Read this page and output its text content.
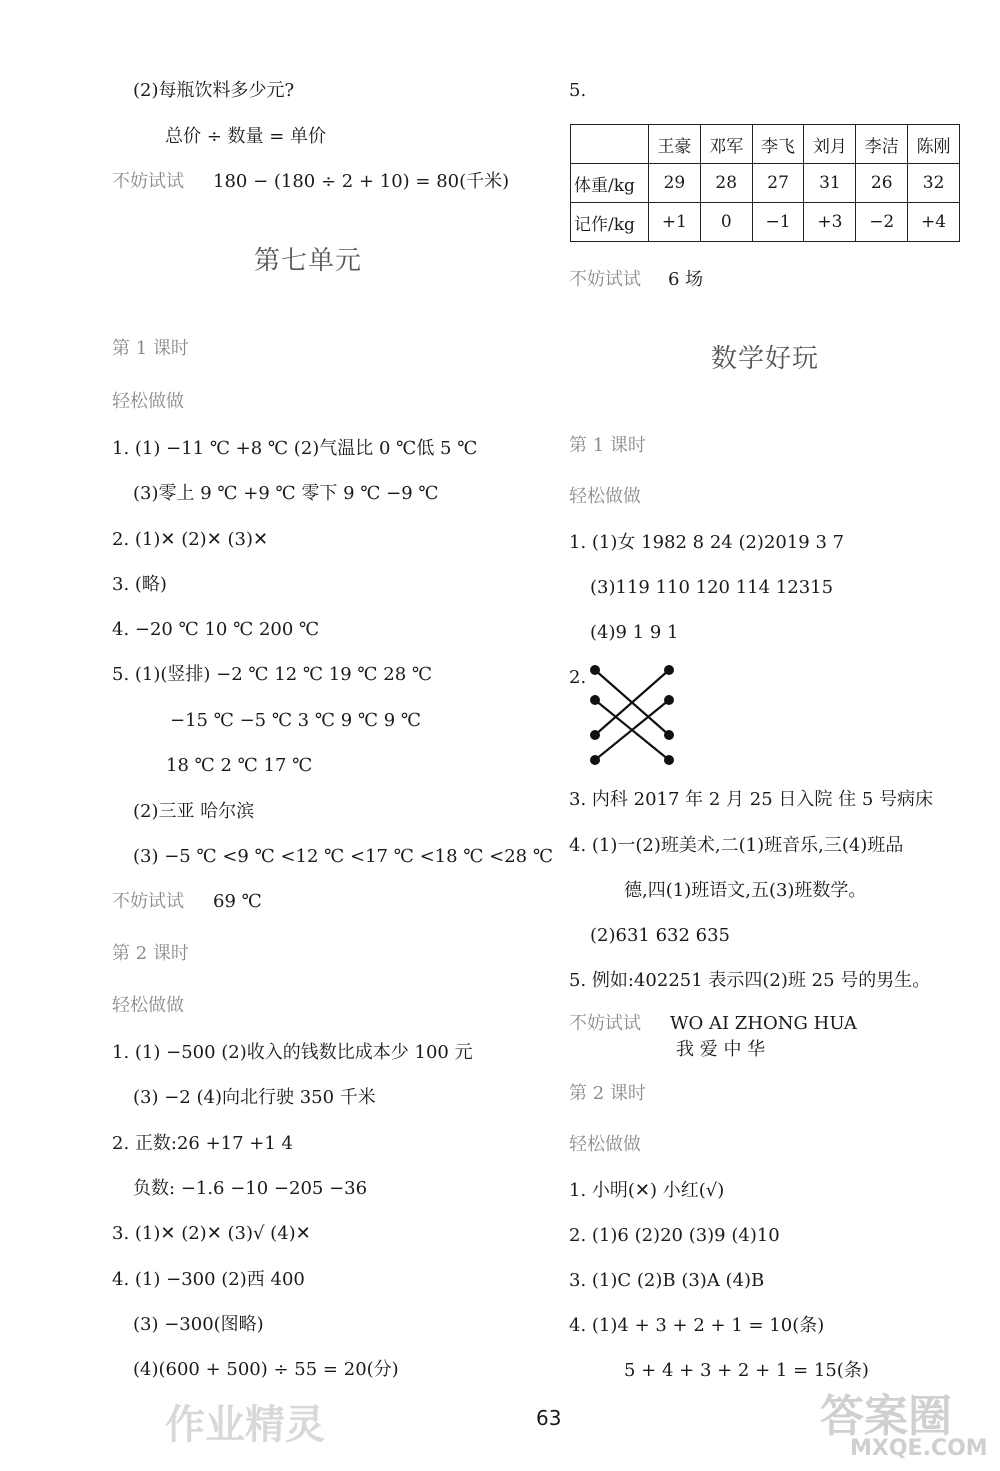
(2)每瓶饮料多少元?
总价 ÷ 数量 = 单价
不妨试试 180 − (180 ÷ 2 + 10) = 80(千米)
第七单元
第 1 课时
轻松做做
1. (1) −11 ℃ +8 ℃ (2)气温比 0 ℃低 5 ℃
(3)零上 9 ℃ +9 ℃ 零下 9 ℃ −9 ℃
2. (1)✕ (2)✕ (3)✕
3. (略)
4. −20 ℃ 10 ℃ 200 ℃
5. (1)(竖排) −2 ℃ 12 ℃ 19 ℃ 28 ℃
−15 ℃ −5 ℃ 3 ℃ 9 ℃ 9 ℃
18 ℃ 2 ℃ 17 ℃
(2)三亚 哈尔滨
(3) −5 ℃ <9 ℃ <12 ℃ <17 ℃ <18 ℃ <28 ℃
不妨试试 69 ℃
第 2 课时
轻松做做
1. (1) −500 (2)收入的钱数比成本少 100 元
(3) −2 (4)向北行驶 350 千米
2. 正数:26 +17 +1 4
负数: −1.6 −10 −205 −36
3. (1)✕ (2)✕ (3)√ (4)✕
4. (1) −300 (2)西 400
(3) −300(图略)
(4)(600 + 500) ÷ 55 = 20(分)
5.
	王豪	邓军	李飞	刘月	李洁	陈刚
体重/kg	29	28	27	31	26	32
记作/kg	+1	0	−1	+3	−2	+4
不妨试试 6 场
数学好玩
第 1 课时
轻松做做
1. (1)女 1982 8 24 (2)2019 3 7
(3)119 110 120 114 12315
(4)9 1 9 1
2.
3. 内科 2017 年 2 月 25 日入院 住 5 号病床
4. (1)一(2)班美术,二(1)班音乐,三(4)班品
德,四(1)班语文,五(3)班数学。
(2)631 632 635
5. 例如:402251 表示四(2)班 25 号的男生。
不妨试试 WO AI ZHONG HUA
我 爱 中 华
第 2 课时
轻松做做
1. 小明(✕) 小红(√)
2. (1)6 (2)20 (3)9 (4)10
3. (1)C (2)B (3)A (4)B
4. (1)4 + 3 + 2 + 1 = 10(条)
5 + 4 + 3 + 2 + 1 = 15(条)
63
作业精灵	答案圈
MXQE.COM
